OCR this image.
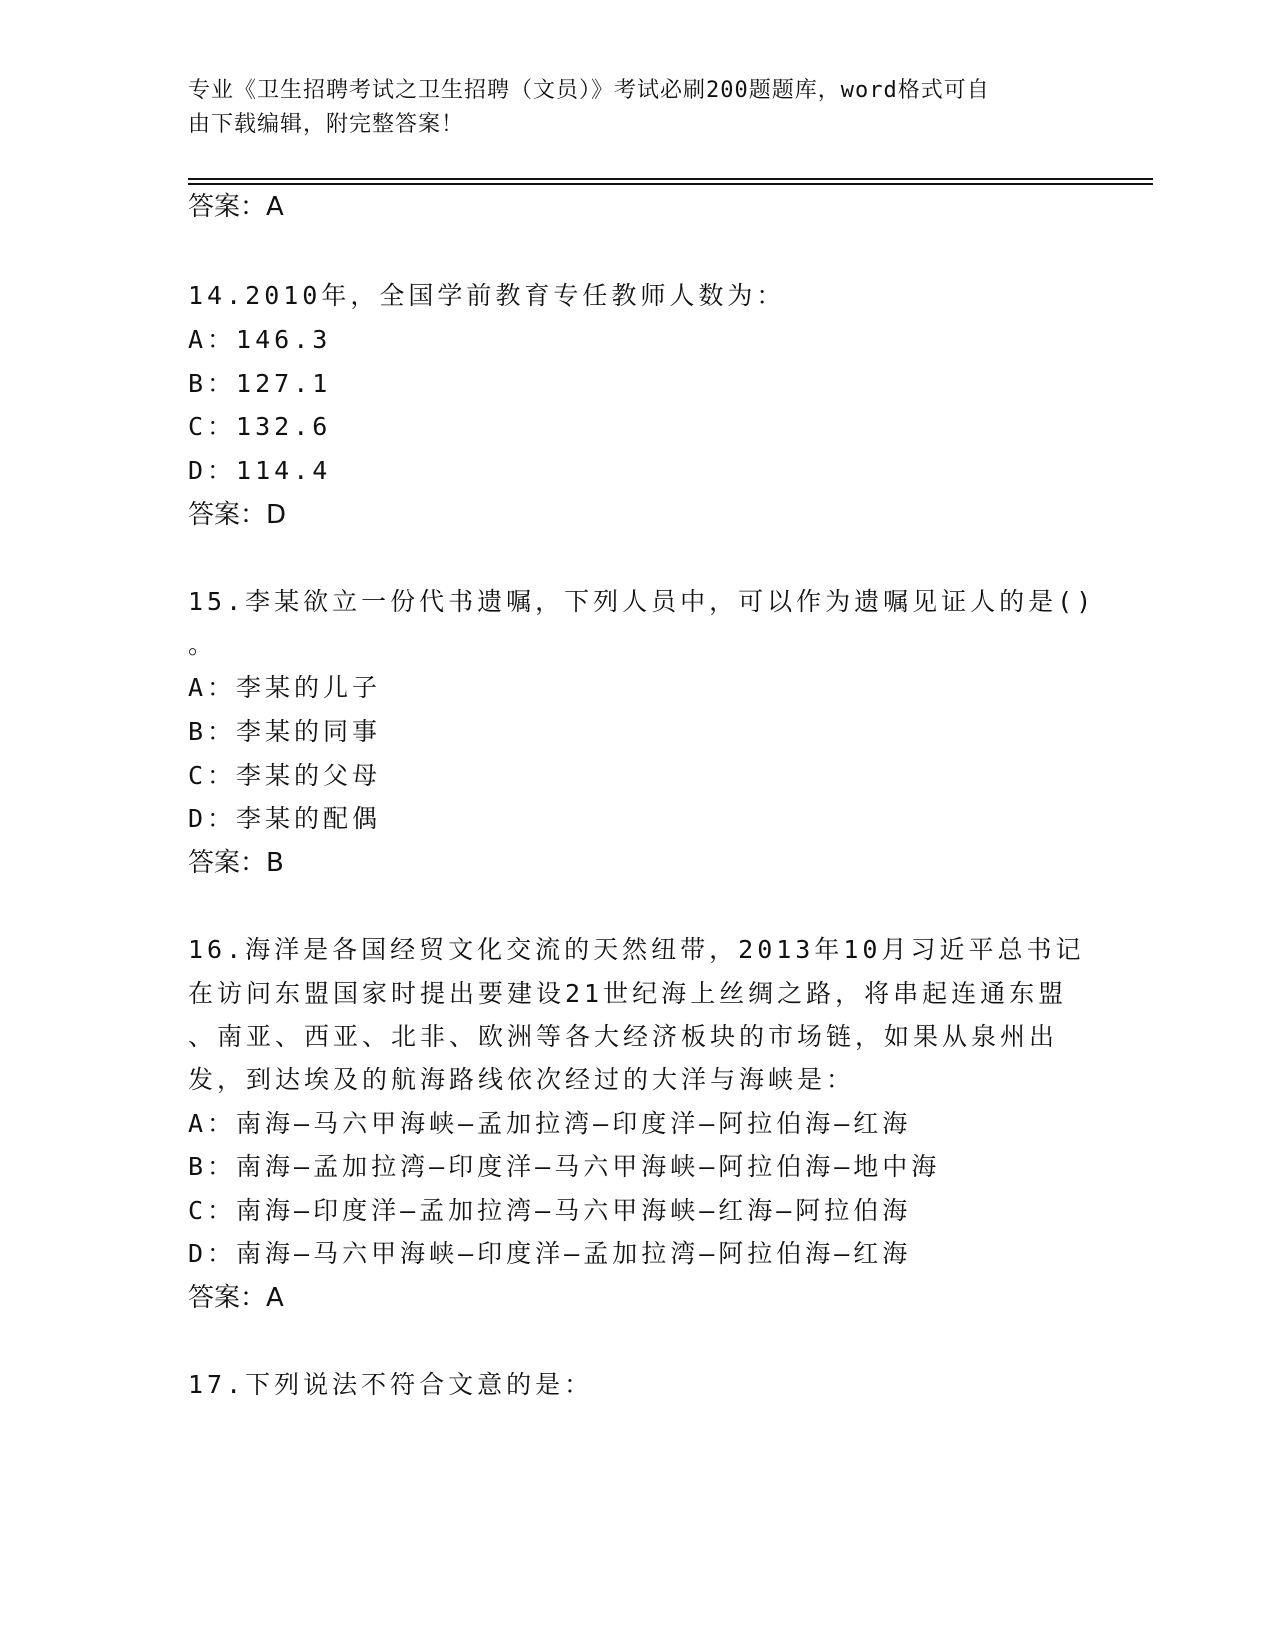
专业《卫生招聘考试之卫生招聘（文员）》考试必刷200题题库，word格式可自
由下载编辑，附完整答案！
答案：A
14.2010年，全国学前教育专任教师人数为：
A：146.3
B：127.1
C：132.6
D：114.4
答案：D
15.李某欲立一份代书遗嘱，下列人员中，可以作为遗嘱见证人的是()
。
A：李某的儿子
B：李某的同事
C：李某的父母
D：李某的配偶
答案：B
16.海洋是各国经贸文化交流的天然纽带，2013年10月习近平总书记
在访问东盟国家时提出要建设21世纪海上丝绸之路，将串起连通东盟
、南亚、西亚、北非、欧洲等各大经济板块的市场链，如果从泉州出
发，到达埃及的航海路线依次经过的大洋与海峡是：
A：南海—马六甲海峡—孟加拉湾—印度洋—阿拉伯海—红海
B：南海—孟加拉湾—印度洋—马六甲海峡—阿拉伯海—地中海
C：南海—印度洋—孟加拉湾—马六甲海峡—红海—阿拉伯海
D：南海—马六甲海峡—印度洋—孟加拉湾—阿拉伯海—红海
答案：A
17.下列说法不符合文意的是：
